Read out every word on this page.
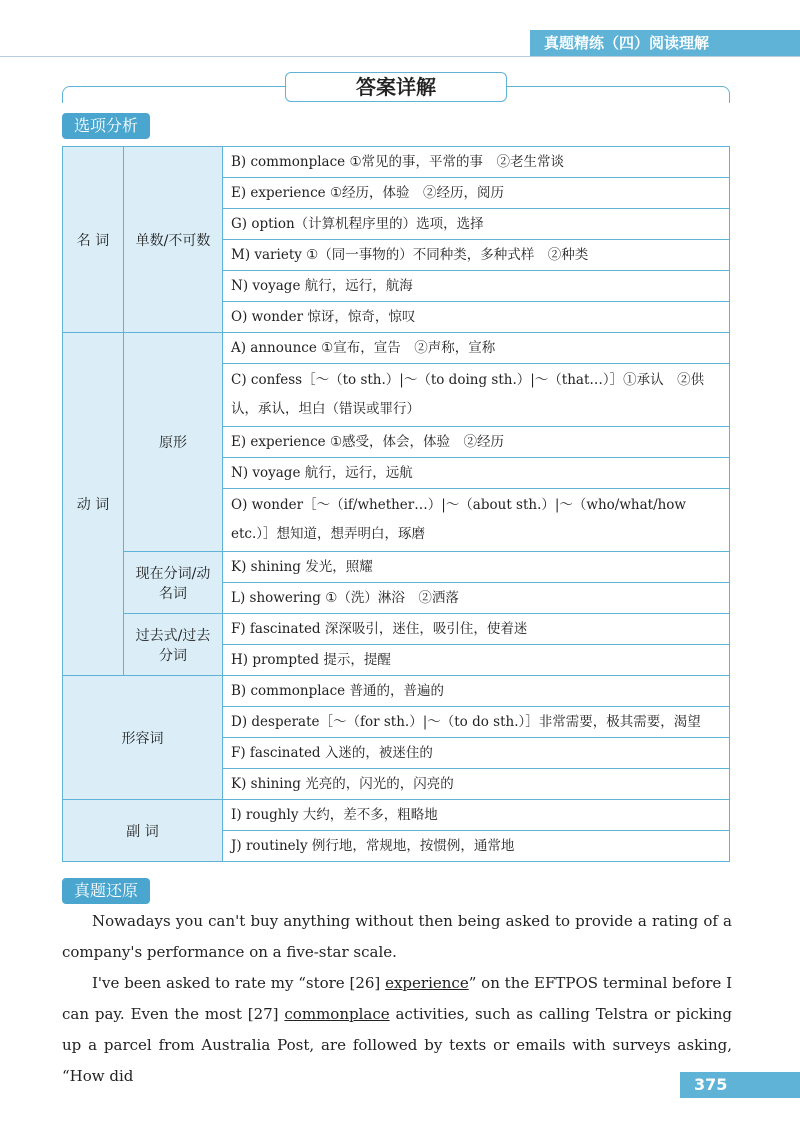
真题精练（四）阅读理解
答案详解
选项分析
名 词	单数/不可数	B) commonplace ①常见的事，平常的事　②老生常谈
		E) experience ①经历，体验　②经历，阅历
		G) option（计算机程序里的）选项，选择
		M) variety ①（同一事物的）不同种类，多种式样　②种类
		N) voyage 航行，远行，航海
		O) wonder 惊讶，惊奇，惊叹
动 词	原形	A) announce ①宣布，宣告　②声称，宣称
		C) confess［～（to sth.）|～（to doing sth.）|～（that…）］①承认　②供认，承认，坦白（错误或罪行）
		E) experience ①感受，体会，体验　②经历
		N) voyage 航行，远行，远航
		O) wonder［～（if/whether…）|～（about sth.）|～（who/what/how etc.）］想知道，想弄明白，琢磨
	现在分词/动名词	K) shining 发光，照耀
		L) showering ①（洗）淋浴　②洒落
	过去式/过去分词	F) fascinated 深深吸引，迷住，吸引住，使着迷
		H) prompted 提示，提醒
形容词		B) commonplace 普通的，普遍的
		D) desperate［～（for sth.）|～（to do sth.）］非常需要，极其需要，渴望
		F) fascinated 入迷的，被迷住的
		K) shining 光亮的，闪光的，闪亮的
副 词		I) roughly 大约，差不多，粗略地
		J) routinely 例行地，常规地，按惯例，通常地
真题还原

Nowadays you can't buy anything without then being asked to provide a rating of a company's performance on a five-star scale.

I've been asked to rate my “store [26] experience” on the EFTPOS terminal before I can pay. Even the most [27] commonplace activities, such as calling Telstra or picking up a parcel from Australia Post, are followed by texts or emails with surveys asking, “How did	375
